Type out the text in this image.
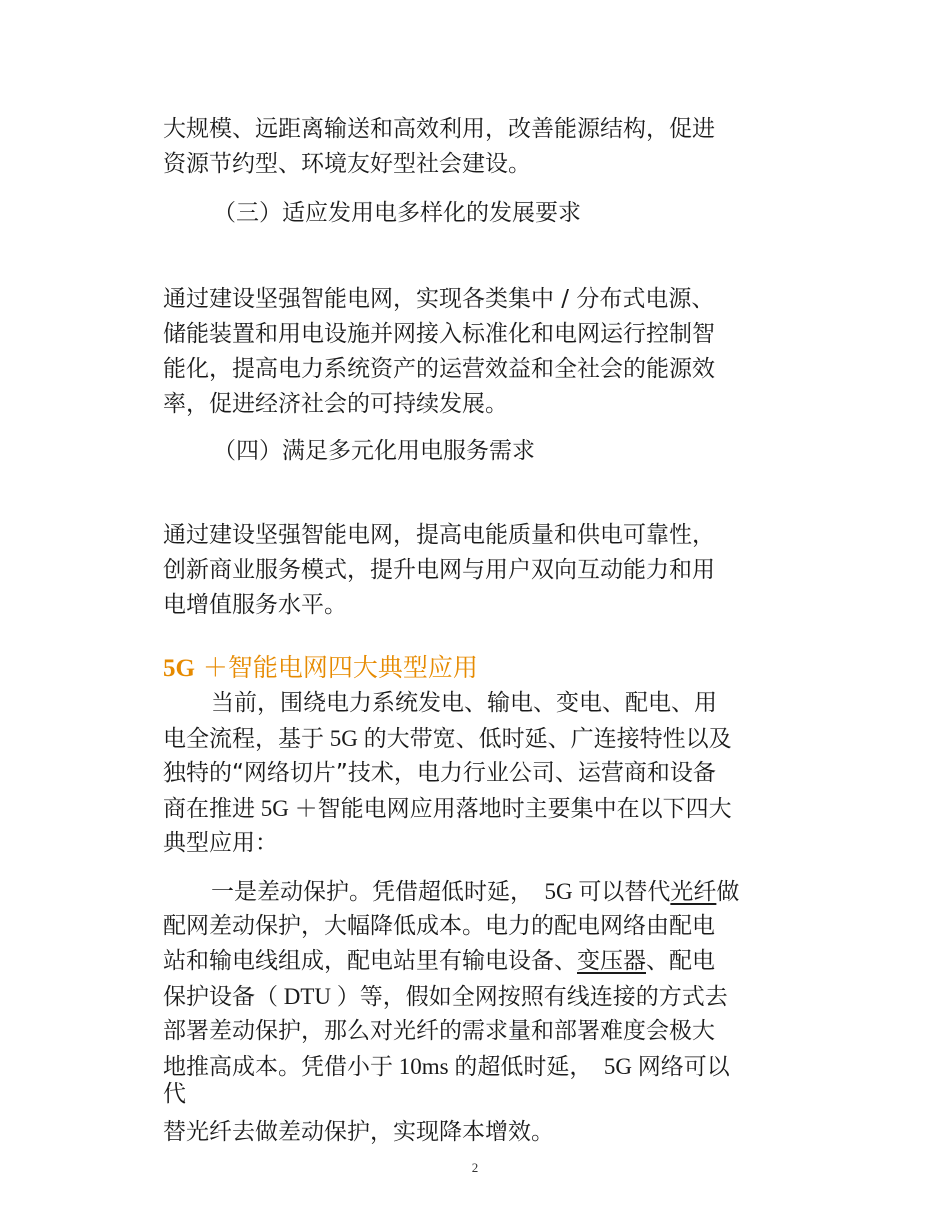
大规模、远距离输送和高效利用，改善能源结构，促进
资源节约型、环境友好型社会建设。
（三）适应发用电多样化的发展要求
通过建设坚强智能电网，实现各类集中 / 分布式电源、
储能装置和用电设施并网接入标准化和电网运行控制智
能化，提高电力系统资产的运营效益和全社会的能源效
率，促进经济社会的可持续发展。
（四）满足多元化用电服务需求
通过建设坚强智能电网，提高电能质量和供电可靠性，
创新商业服务模式，提升电网与用户双向互动能力和用
电增值服务水平。
5G ＋智能电网四大典型应用
当前，围绕电力系统发电、输电、变电、配电、用
电全流程，基于 5G 的大带宽、低时延、广连接特性以及
独特的“网络切片”技术，电力行业公司、运营商和设备
商在推进 5G ＋智能电网应用落地时主要集中在以下四大
典型应用：
一是差动保护。凭借超低时延，  5G 可以替代光纤做
配网差动保护，大幅降低成本。电力的配电网络由配电
站和输电线组成，配电站里有输电设备、变压器、配电
保护设备（ DTU ）等，假如全网按照有线连接的方式去
部署差动保护，那么对光纤的需求量和部署难度会极大
地推高成本。凭借小于 10ms 的超低时延，  5G 网络可以
代
替光纤去做差动保护，实现降本增效。
2
